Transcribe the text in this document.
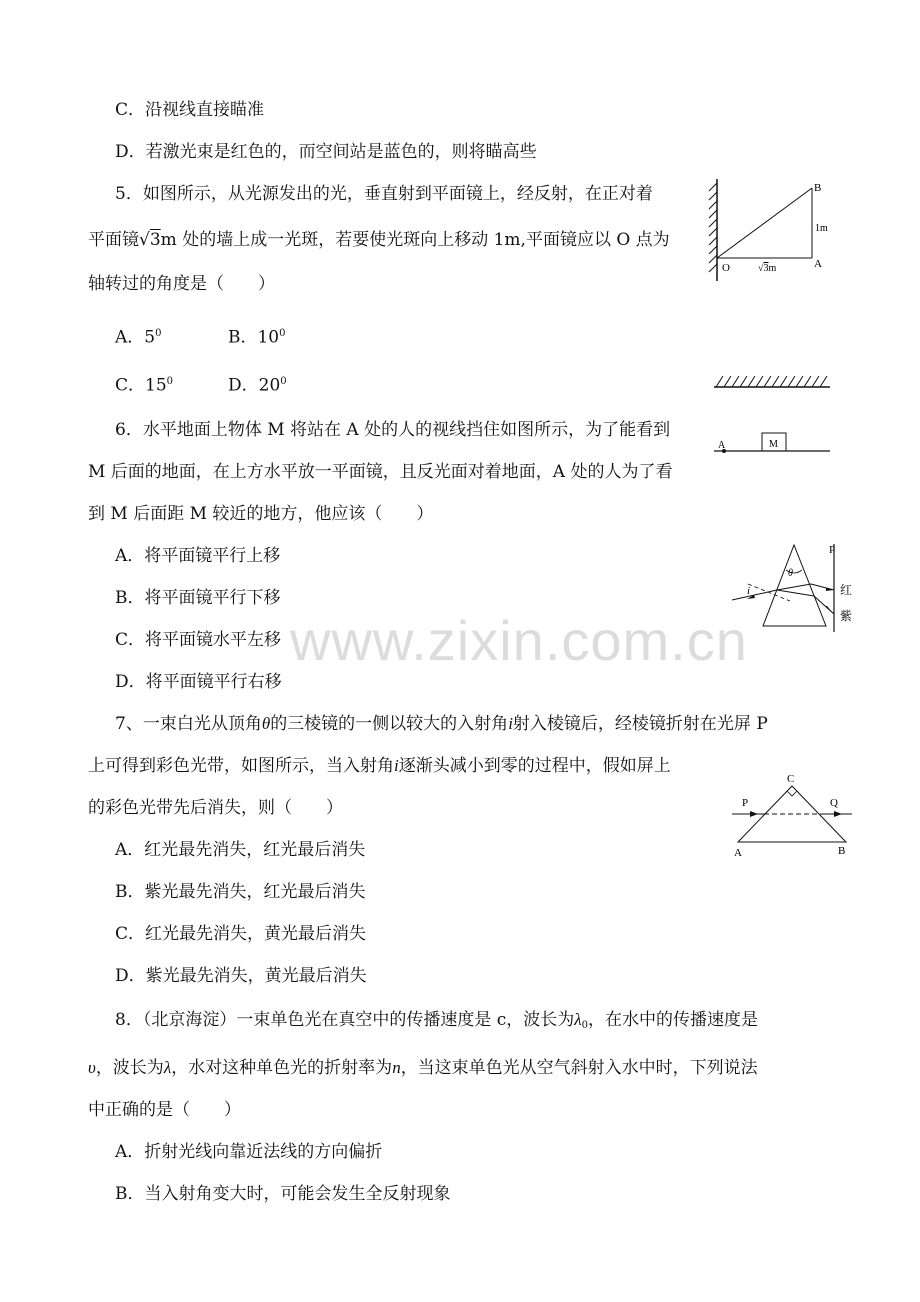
www.zixin.com.cn
C．沿视线直接瞄准
D．若激光束是红色的，而空间站是蓝色的，则将瞄高些
5．如图所示，从光源发出的光，垂直射到平面镜上，经反射，在正对着
平面镜√3m 处的墙上成一光斑，若要使光斑向上移动 1m,平面镜应以 O 点为
轴转过的角度是（　　）
A．$5^0$	B．$10^0$
C．$15^0$	D．$20^0$
B
A
O
1m
√3m
6．水平地面上物体 M 将站在 A 处的人的视线挡住如图所示，为了能看到
M 后面的地面，在上方水平放一平面镜，且反光面对着地面，A 处的人为了看
到 M 后面距 M 较近的地方，他应该（　　）
A．将平面镜平行上移
B．将平面镜平行下移
C．将平面镜水平左移
D．将平面镜平行右移
A	M
P
θ
i	红
紫
7、一束白光从顶角θ的三棱镜的一侧以较大的入射角i射入棱镜后，经棱镜折射在光屏 P
上可得到彩色光带，如图所示，当入射角i逐渐头减小到零的过程中，假如屏上
的彩色光带先后消失，则（　　）
A．红光最先消失，红光最后消失
B．紫光最先消失，红光最后消失
C．红光最先消失，黄光最后消失
D．紫光最先消失，黄光最后消失
C
P	Q
A	B
8．（北京海淀）一束单色光在真空中的传播速度是 c，波长为$\lambda_0$，在水中的传播速度是
υ，波长为λ，水对这种单色光的折射率为n，当这束单色光从空气斜射入水中时，下列说法
中正确的是（　　）
A．折射光线向靠近法线的方向偏折
B．当入射角变大时，可能会发生全反射现象
